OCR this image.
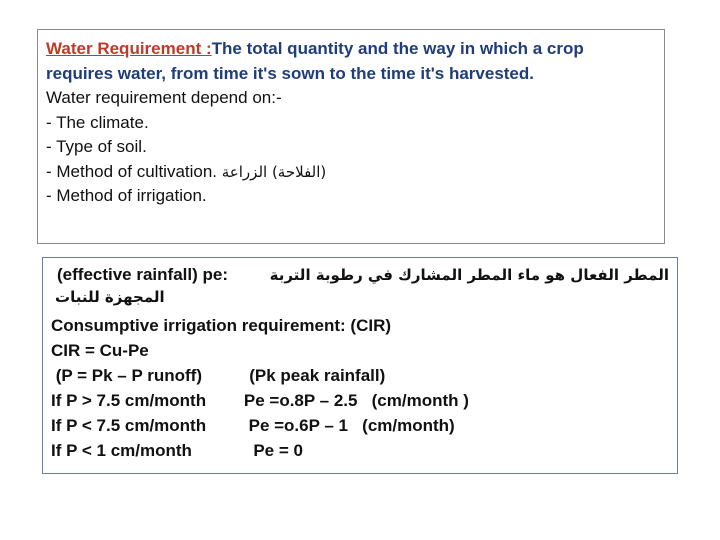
Water Requirement :The total quantity and the way in which a crop
requires water, from time it's sown to the time it's harvested.
Water requirement depend on:-
- The climate.
- Type of soil.
- Method of cultivation. (الفلاحة) الزراعة
- Method of irrigation.
(effective rainfall) pe:	المطر الفعال هو ماء المطر المشارك في رطوبة التربة
المجهزة للنبات
Consumptive irrigation requirement: (CIR)
CIR = Cu-Pe
(P = Pk – P runoff)          (Pk peak rainfall)
If P > 7.5 cm/month        Pe =o.8P – 2.5   (cm/month )
If P < 7.5 cm/month         Pe =o.6P – 1   (cm/month)
If P < 1 cm/month             Pe = 0
